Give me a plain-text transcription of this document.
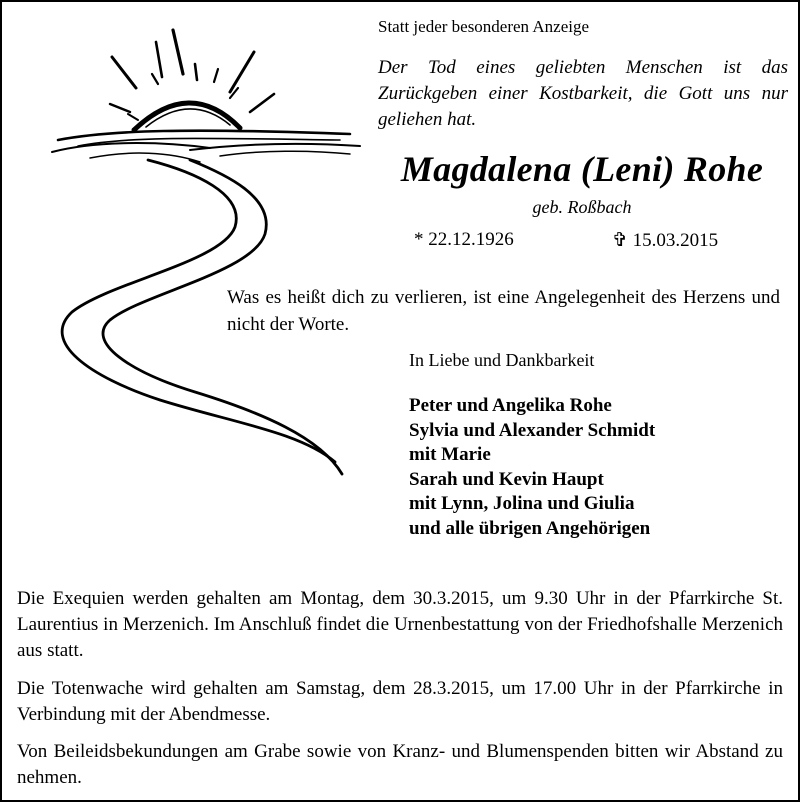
Statt jeder besonderen Anzeige

Der Tod eines geliebten Menschen ist das Zurückgeben einer Kostbarkeit, die Gott uns nur geliehen hat.

Magdalena (Leni) Rohe

geb. Roßbach

* 22.12.1926	✞ 15.03.2015

Was es heißt dich zu verlieren, ist eine Angelegenheit des Herzens und nicht der Worte.

In Liebe und Dankbarkeit

Peter und Angelika Rohe
Sylvia und Alexander Schmidt
mit Marie
Sarah und Kevin Haupt
mit Lynn, Jolina und Giulia
und alle übrigen Angehörigen

Die Exequien werden gehalten am Montag, dem 30.3.2015, um 9.30 Uhr in der Pfarrkirche St. Laurentius in Merzenich. Im Anschluß findet die Urnenbestattung von der Friedhofshalle Merzenich aus statt.

Die Totenwache wird gehalten am Samstag, dem 28.3.2015, um 17.00 Uhr in der Pfarrkirche in Verbindung mit der Abendmesse.

Von Beileidsbekundungen am Grabe sowie von Kranz- und Blumenspenden bitten wir Abstand zu nehmen.
